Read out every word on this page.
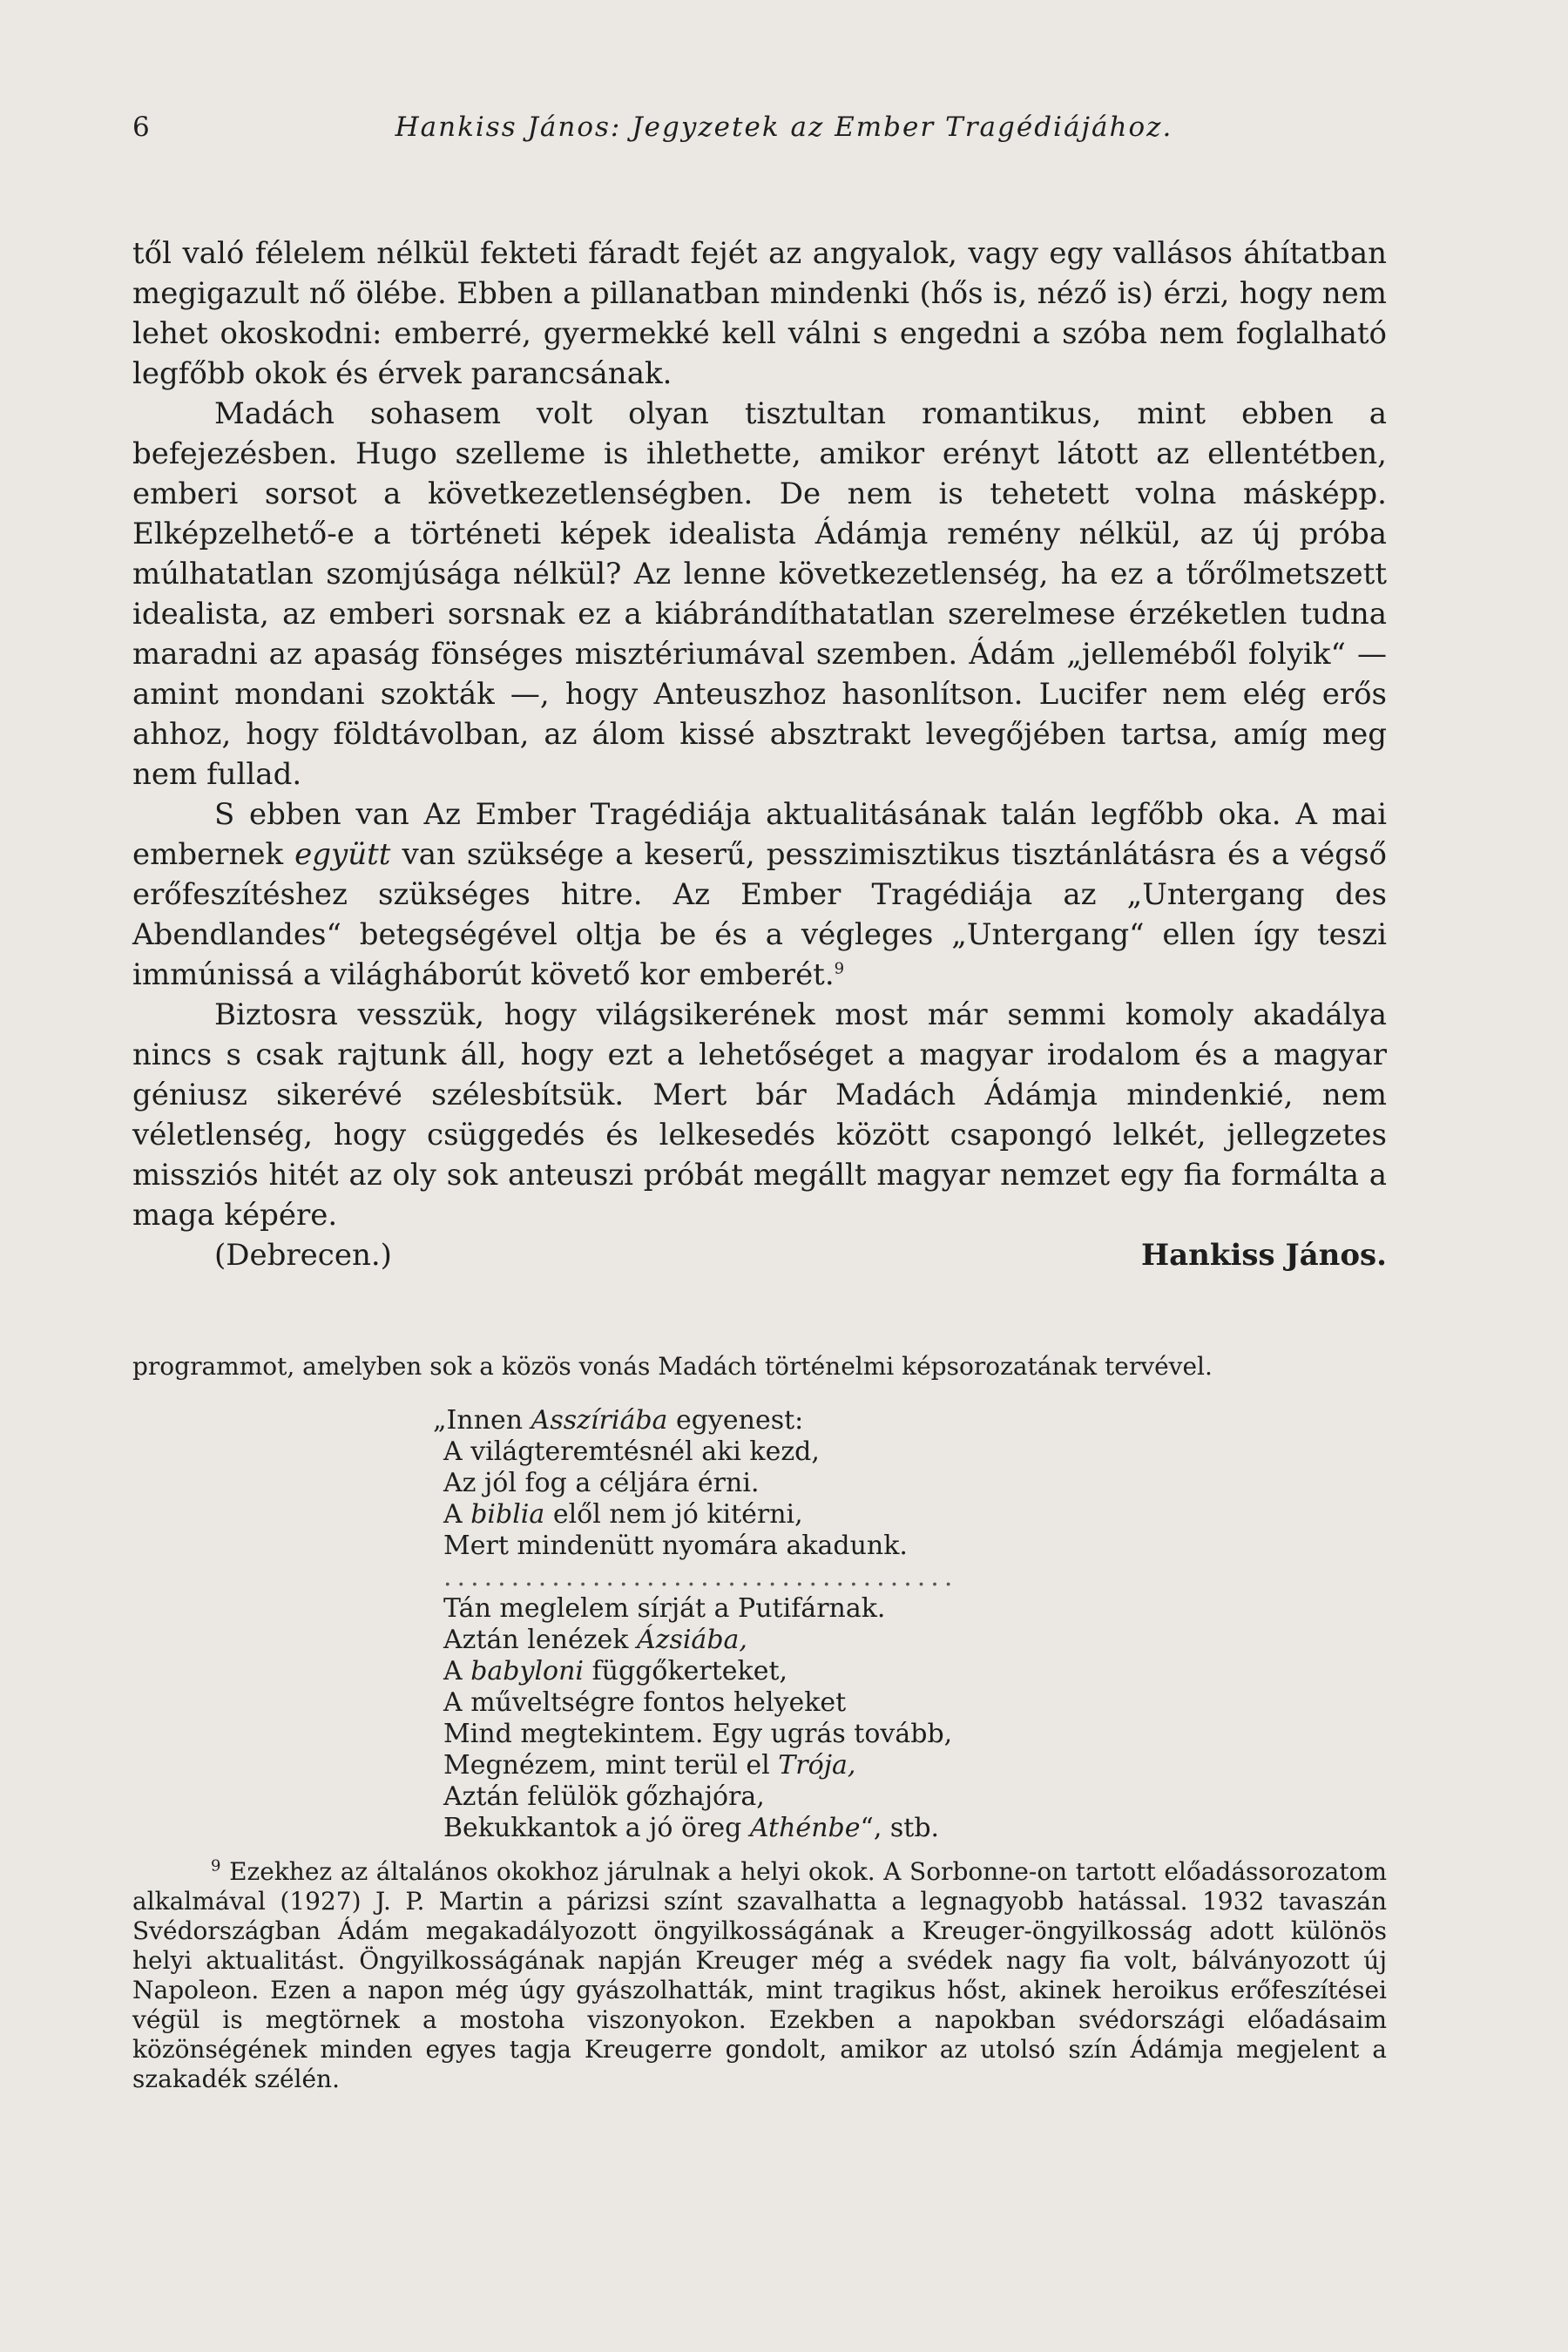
6	Hankiss János: Jegyzetek az Ember Tragédiájához.

től való félelem nélkül fekteti fáradt fejét az angyalok, vagy egy vallásos áhítatban megigazult nő ölébe. Ebben a pillanatban mindenki (hős is, néző is) érzi, hogy nem lehet okoskodni: emberré, gyermekké kell válni s engedni a szóba nem foglalható legfőbb okok és érvek parancsának.

Madách sohasem volt olyan tisztultan romantikus, mint ebben a befejezésben. Hugo szelleme is ihlethette, amikor erényt látott az ellentétben, emberi sorsot a következetlenségben. De nem is tehetett volna másképp. Elképzelhető-e a történeti képek idealista Ádámja remény nélkül, az új próba múlhatatlan szomjúsága nélkül? Az lenne következetlenség, ha ez a tőrőlmetszett idealista, az emberi sorsnak ez a kiábrándíthatatlan szerelmese érzéketlen tudna maradni az apaság fönséges misztériumával szemben. Ádám „jelleméből folyik“ — amint mondani szokták —, hogy Anteuszhoz hasonlítson. Lucifer nem elég erős ahhoz, hogy földtávolban, az álom kissé absztrakt levegőjében tartsa, amíg meg nem fullad.

S ebben van Az Ember Tragédiája aktualitásának talán legfőbb oka. A mai embernek együtt van szüksége a keserű, pesszimisztikus tisztánlátásra és a végső erőfeszítéshez szükséges hitre. Az Ember Tragédiája az „Untergang des Abendlandes“ betegségével oltja be és a végleges „Untergang“ ellen így teszi immúnissá a világháborút követő kor emberét.$^9$

Biztosra vesszük, hogy világsikerének most már semmi komoly akadálya nincs s csak rajtunk áll, hogy ezt a lehetőséget a magyar irodalom és a magyar géniusz sikerévé szélesbítsük. Mert bár Madách Ádámja mindenkié, nem véletlenség, hogy csüggedés és lelkesedés között csapongó lelkét, jellegzetes missziós hitét az oly sok anteuszi próbát megállt magyar nemzet egy fia formálta a maga képére.

(Debrecen.)	Hankiss János.
programmot, amelyben sok a közös vonás Madách történelmi képsorozatának tervével.
„Innen Asszíriába egyenest:
A világteremtésnél aki kezd,
Az jól fog a céljára érni.
A biblia elől nem jó kitérni,
Mert mindenütt nyomára akadunk.
......................................
Tán meglelem sírját a Putifárnak.
Aztán lenézek Ázsiába,
A babyloni függőkerteket,
A műveltségre fontos helyeket
Mind megtekintem. Egy ugrás tovább,
Megnézem, mint terül el Trója,
Aztán felülök gőzhajóra,
Bekukkantok a jó öreg Athénbe“, stb.
$^9$ Ezekhez az általános okokhoz járulnak a helyi okok. A Sorbonne-on tartott előadássorozatom alkalmával (1927) J. P. Martin a párizsi színt szavalhatta a legnagyobb hatással. 1932 tavaszán Svédországban Ádám megakadályozott öngyilkosságának a Kreuger-öngyilkosság adott különös helyi aktualitást. Öngyilkosságának napján Kreuger még a svédek nagy fia volt, bálványozott új Napoleon. Ezen a napon még úgy gyászolhatták, mint tragikus hőst, akinek heroikus erőfeszítései végül is megtörnek a mostoha viszonyokon. Ezekben a napokban svédországi előadásaim közönségének minden egyes tagja Kreugerre gondolt, amikor az utolsó szín Ádámja megjelent a szakadék szélén.
